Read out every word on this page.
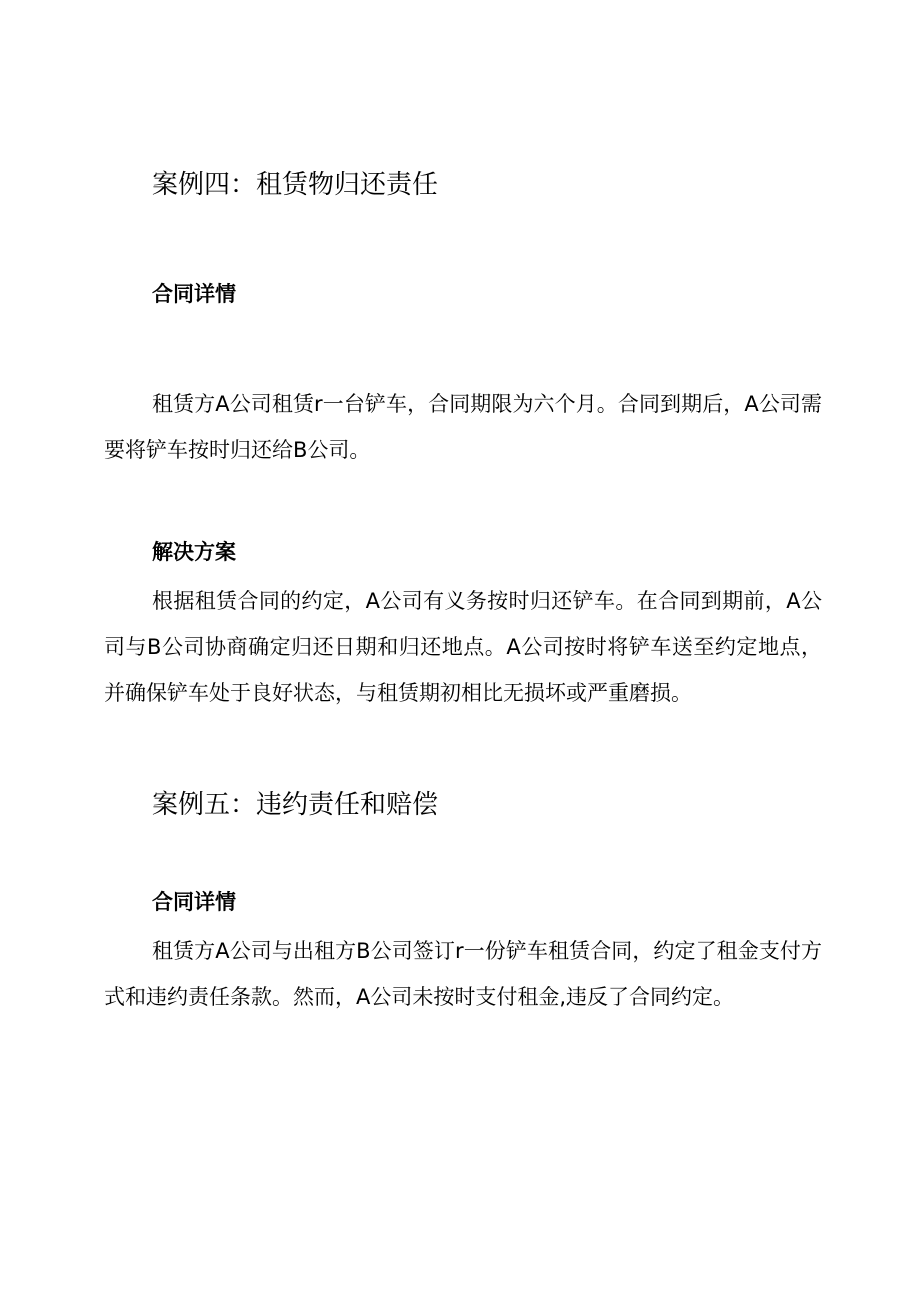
案例四：租赁物归还责任
合同详情

租赁方A公司租赁r一台铲车，合同期限为六个月。合同到期后，A公司需要将铲车按时归还给B公司。

解决方案

根据租赁合同的约定，A公司有义务按时归还铲车。在合同到期前，A公司与B公司协商确定归还日期和归还地点。A公司按时将铲车送至约定地点，并确保铲车处于良好状态，与租赁期初相比无损坏或严重磨损。

案例五：违约责任和赔偿
合同详情

租赁方A公司与出租方B公司签订r一份铲车租赁合同，约定了租金支付方式和违约责任条款。然而，A公司未按时支付租金,违反了合同约定。
